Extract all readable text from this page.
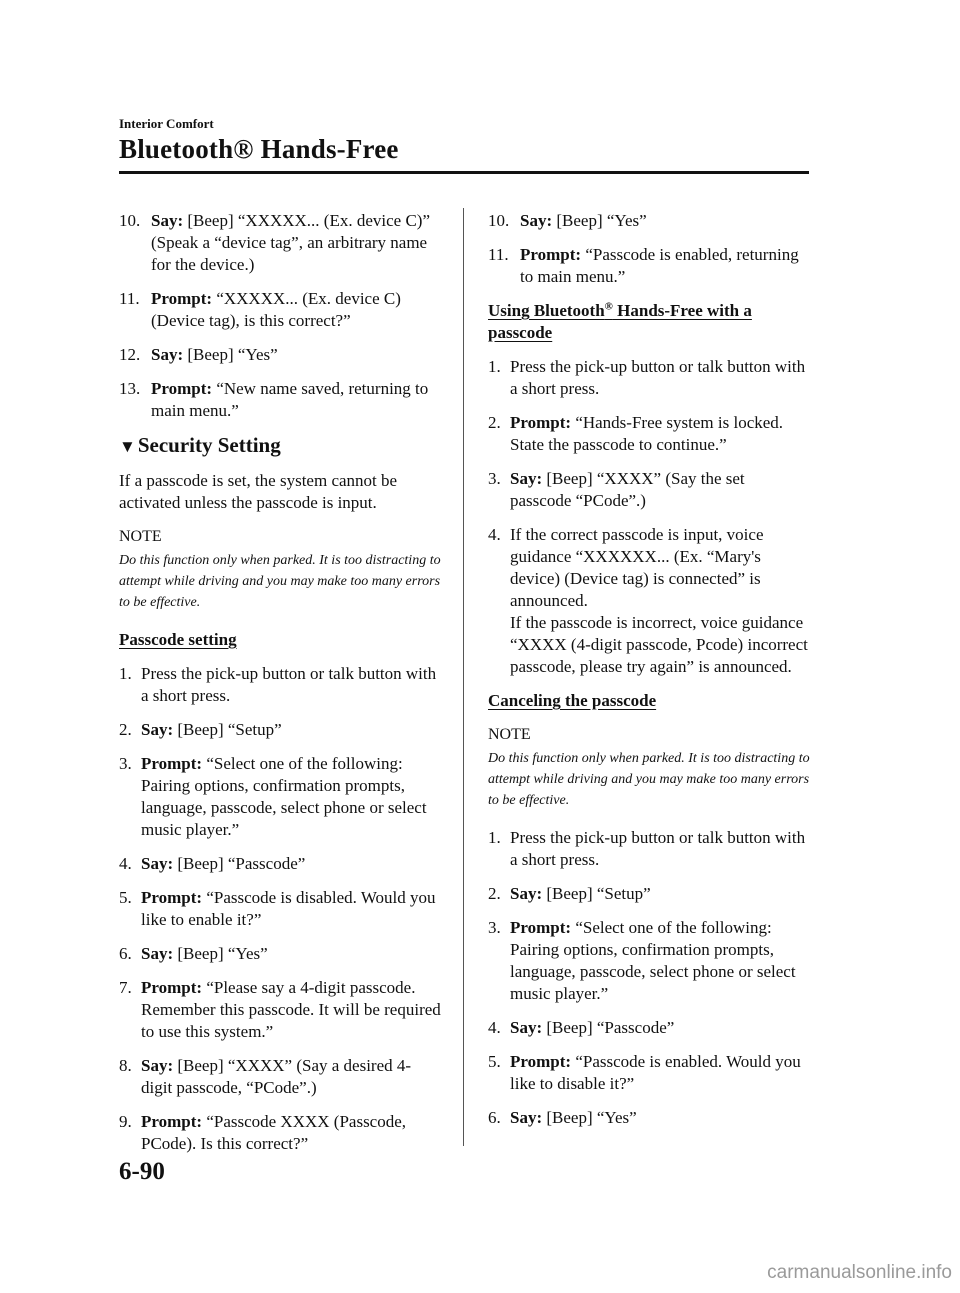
Interior Comfort
Bluetooth® Hands-Free
10. Say: [Beep] “XXXXX... (Ex. device C)” (Speak a “device tag”, an arbitrary name for the device.)
11. Prompt: “XXXXX... (Ex. device C) (Device tag), is this correct?”
12. Say: [Beep] “Yes”
13. Prompt: “New name saved, returning to main menu.”
▼Security Setting

If a passcode is set, the system cannot be activated unless the passcode is input.

NOTE

Do this function only when parked. It is too distracting to attempt while driving and you may make too many errors to be effective.

Passcode setting

1. Press the pick-up button or talk button with a short press.
2. Say: [Beep] “Setup”
3. Prompt: “Select one of the following: Pairing options, confirmation prompts, language, passcode, select phone or select music player.”
4. Say: [Beep] “Passcode”
5. Prompt: “Passcode is disabled. Would you like to enable it?”
6. Say: [Beep] “Yes”
7. Prompt: “Please say a 4-digit passcode. Remember this passcode. It will be required to use this system.”
8. Say: [Beep] “XXXX” (Say a desired 4-digit passcode, “PCode”.)
9. Prompt: “Passcode XXXX (Passcode, PCode). Is this correct?”
10. Say: [Beep] “Yes”
11. Prompt: “Passcode is enabled, returning to main menu.”

Using Bluetooth® Hands-Free with a passcode

1. Press the pick-up button or talk button with a short press.
2. Prompt: “Hands-Free system is locked. State the passcode to continue.”
3. Say: [Beep] “XXXX” (Say the set passcode “PCode”.)
4. If the correct passcode is input, voice guidance “XXXXXX... (Ex. “Mary's device) (Device tag) is connected” is announced.
If the passcode is incorrect, voice guidance “XXXX (4-digit passcode, Pcode) incorrect passcode, please try again” is announced.

Canceling the passcode

NOTE

Do this function only when parked. It is too distracting to attempt while driving and you may make too many errors to be effective.

1. Press the pick-up button or talk button with a short press.
2. Say: [Beep] “Setup”
3. Prompt: “Select one of the following: Pairing options, confirmation prompts, language, passcode, select phone or select music player.”
4. Say: [Beep] “Passcode”
5. Prompt: “Passcode is enabled. Would you like to disable it?”
6. Say: [Beep] “Yes”
6-90
carmanualsonline.info
